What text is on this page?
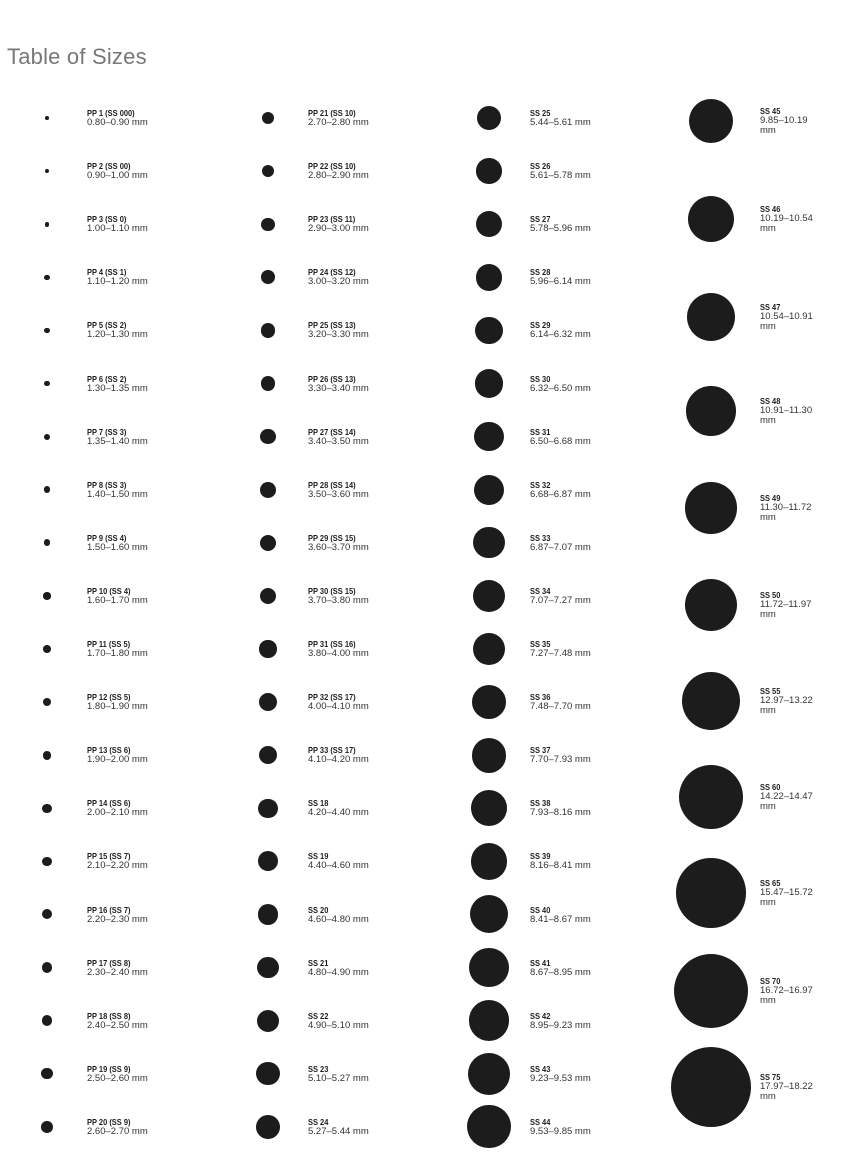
Table of Sizes
PP 1 (SS 000)
0.80–0.90 mm
PP 2 (SS 00)
0.90–1.00 mm
PP 3 (SS 0)
1.00–1.10 mm
PP 4 (SS 1)
1.10–1.20 mm
PP 5 (SS 2)
1.20–1.30 mm
PP 6 (SS 2)
1.30–1.35 mm
PP 7 (SS 3)
1.35–1.40 mm
PP 8 (SS 3)
1.40–1.50 mm
PP 9 (SS 4)
1.50–1.60 mm
PP 10 (SS 4)
1.60–1.70 mm
PP 11 (SS 5)
1.70–1.80 mm
PP 12 (SS 5)
1.80–1.90 mm
PP 13 (SS 6)
1.90–2.00 mm
PP 14 (SS 6)
2.00–2.10 mm
PP 15 (SS 7)
2.10–2.20 mm
PP 16 (SS 7)
2.20–2.30 mm
PP 17 (SS 8)
2.30–2.40 mm
PP 18 (SS 8)
2.40–2.50 mm
PP 19 (SS 9)
2.50–2.60 mm
PP 20 (SS 9)
2.60–2.70 mm
PP 21 (SS 10)
2.70–2.80 mm
PP 22 (SS 10)
2.80–2.90 mm
PP 23 (SS 11)
2.90–3.00 mm
PP 24 (SS 12)
3.00–3.20 mm
PP 25 (SS 13)
3.20–3.30 mm
PP 26 (SS 13)
3.30–3.40 mm
PP 27 (SS 14)
3.40–3.50 mm
PP 28 (SS 14)
3.50–3.60 mm
PP 29 (SS 15)
3.60–3.70 mm
PP 30 (SS 15)
3.70–3.80 mm
PP 31 (SS 16)
3.80–4.00 mm
PP 32 (SS 17)
4.00–4.10 mm
PP 33 (SS 17)
4.10–4.20 mm
SS 18
4.20–4.40 mm
SS 19
4.40–4.60 mm
SS 20
4.60–4.80 mm
SS 21
4.80–4.90 mm
SS 22
4.90–5.10 mm
SS 23
5.10–5.27 mm
SS 24
5.27–5.44 mm
SS 25
5.44–5.61 mm
SS 26
5.61–5.78 mm
SS 27
5.78–5.96 mm
SS 28
5.96–6.14 mm
SS 29
6.14–6.32 mm
SS 30
6.32–6.50 mm
SS 31
6.50–6.68 mm
SS 32
6.68–6.87 mm
SS 33
6.87–7.07 mm
SS 34
7.07–7.27 mm
SS 35
7.27–7.48 mm
SS 36
7.48–7.70 mm
SS 37
7.70–7.93 mm
SS 38
7.93–8.16 mm
SS 39
8.16–8.41 mm
SS 40
8.41–8.67 mm
SS 41
8.67–8.95 mm
SS 42
8.95–9.23 mm
SS 43
9.23–9.53 mm
SS 44
9.53–9.85 mm
SS 45
9.85–10.19 mm
SS 46
10.19–10.54 mm
SS 47
10.54–10.91 mm
SS 48
10.91–11.30 mm
SS 49
11.30–11.72 mm
SS 50
11.72–11.97 mm
SS 55
12.97–13.22 mm
SS 60
14.22–14.47 mm
SS 65
15.47–15.72 mm
SS 70
16.72–16.97 mm
SS 75
17.97–18.22 mm
